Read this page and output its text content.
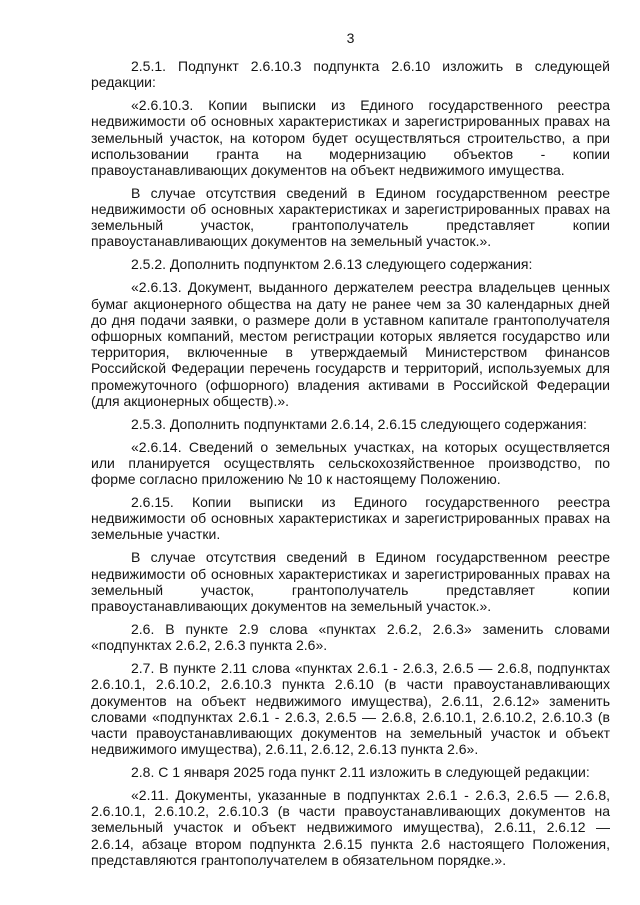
3
2.5.1. Подпункт 2.6.10.3 подпункта 2.6.10 изложить в следующей
редакции:
«2.6.10.3. Копии выписки из Единого государственного реестра
недвижимости об основных характеристиках и зарегистрированных правах на
земельный участок, на котором будет осуществляться строительство, а при
использовании гранта на модернизацию объектов - копии
правоустанавливающих документов на объект недвижимого имущества.
В случае отсутствия сведений в Едином государственном реестре
недвижимости об основных характеристиках и зарегистрированных правах на
земельный участок, грантополучатель представляет копии
правоустанавливающих документов на земельный участок.».
2.5.2. Дополнить подпунктом 2.6.13 следующего содержания:
«2.6.13. Документ, выданного держателем реестра владельцев ценных
бумаг акционерного общества на дату не ранее чем за 30 календарных дней
до дня подачи заявки, о размере доли в уставном капитале грантополучателя
офшорных компаний, местом регистрации которых является государство или
территория, включенные в утверждаемый Министерством финансов
Российской Федерации перечень государств и территорий, используемых для
промежуточного (офшорного) владения активами в Российской Федерации
(для акционерных обществ).».
2.5.3. Дополнить подпунктами 2.6.14, 2.6.15 следующего содержания:
«2.6.14. Сведений о земельных участках, на которых осуществляется
или планируется осуществлять сельскохозяйственное производство, по
форме согласно приложению № 10 к настоящему Положению.
2.6.15. Копии выписки из Единого государственного реестра
недвижимости об основных характеристиках и зарегистрированных правах на
земельные участки.
В случае отсутствия сведений в Едином государственном реестре
недвижимости об основных характеристиках и зарегистрированных правах на
земельный участок, грантополучатель представляет копии
правоустанавливающих документов на земельный участок.».
2.6. В пункте 2.9 слова «пунктах 2.6.2, 2.6.3» заменить словами
«подпунктах 2.6.2, 2.6.3 пункта 2.6».
2.7. В пункте 2.11 слова «пунктах 2.6.1 - 2.6.3, 2.6.5 — 2.6.8, подпунктах
2.6.10.1, 2.6.10.2, 2.6.10.3 пункта 2.6.10 (в части правоустанавливающих
документов на объект недвижимого имущества), 2.6.11, 2.6.12» заменить
словами «подпунктах 2.6.1 - 2.6.3, 2.6.5 — 2.6.8, 2.6.10.1, 2.6.10.2, 2.6.10.3 (в
части правоустанавливающих документов на земельный участок и объект
недвижимого имущества), 2.6.11, 2.6.12, 2.6.13 пункта 2.6».
2.8. С 1 января 2025 года пункт 2.11 изложить в следующей редакции:
«2.11. Документы, указанные в подпунктах 2.6.1 - 2.6.3, 2.6.5 — 2.6.8,
2.6.10.1, 2.6.10.2, 2.6.10.3 (в части правоустанавливающих документов на
земельный участок и объект недвижимого имущества), 2.6.11, 2.6.12 —
2.6.14, абзаце втором подпункта 2.6.15 пункта 2.6 настоящего Положения,
представляются грантополучателем в обязательном порядке.».
